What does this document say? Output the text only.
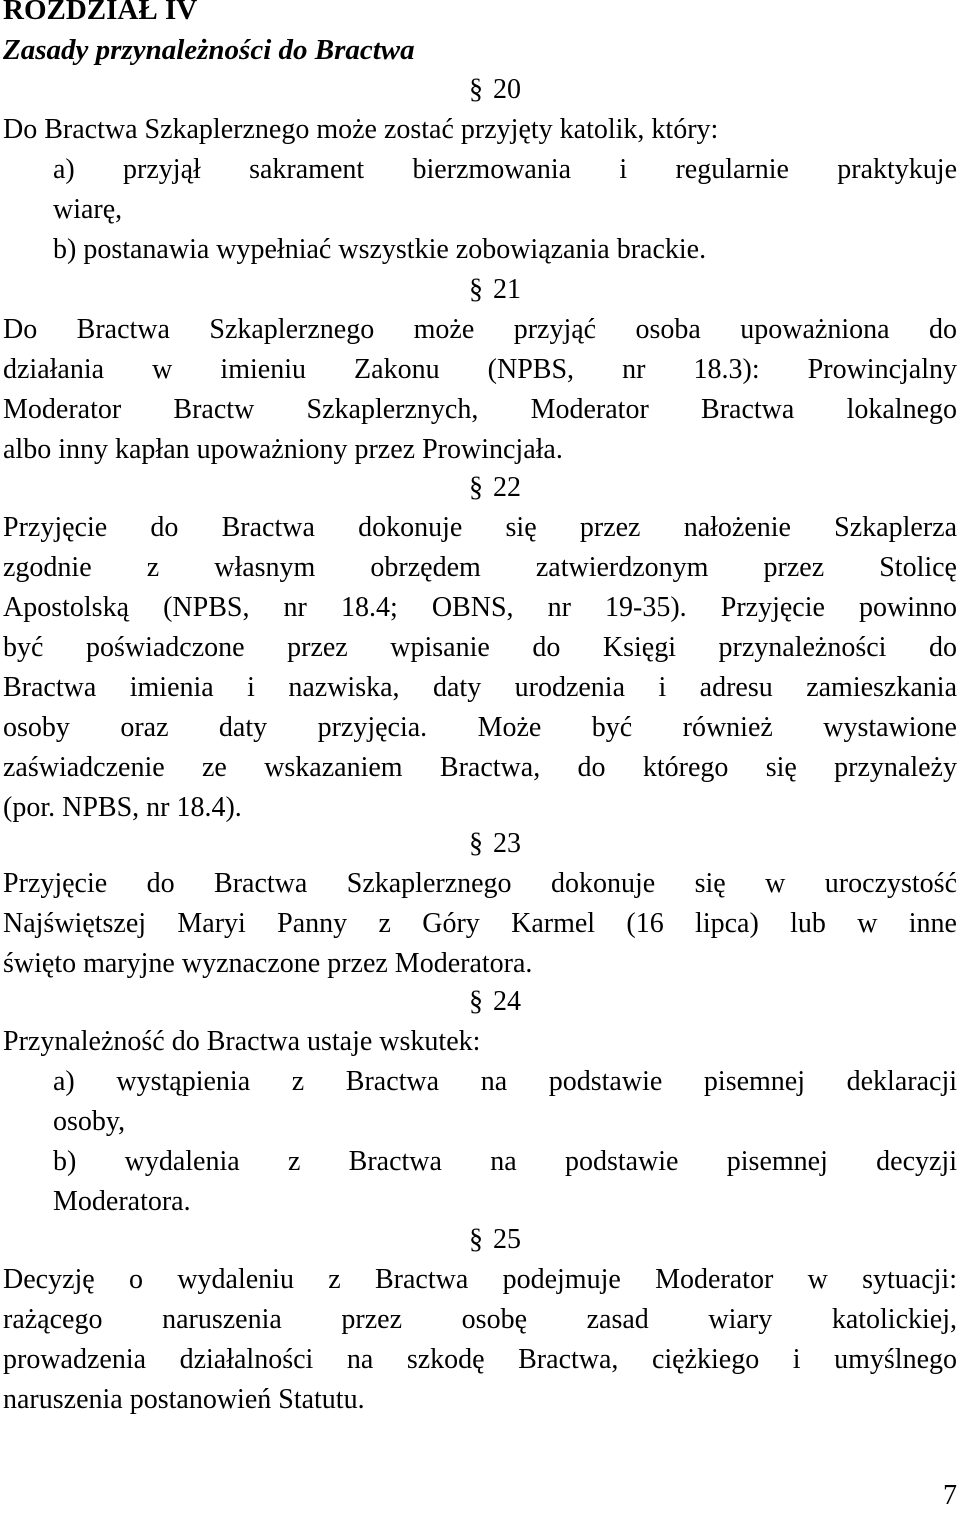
ROZDZIAŁ IV
Zasady przynależności do Bractwa
§ 20
Do Bractwa Szkaplerznego może zostać przyjęty katolik, który:
a) przyjął sakrament bierzmowania i regularnie praktykuje
wiarę,
b) postanawia wypełniać wszystkie zobowiązania brackie.
§ 21
Do Bractwa Szkaplerznego może przyjąć osoba upoważniona do
działania w imieniu Zakonu (NPBS, nr 18.3): Prowincjalny
Moderator Bractw Szkaplerznych, Moderator Bractwa lokalnego
albo inny kapłan upoważniony przez Prowincjała.
§ 22
Przyjęcie do Bractwa dokonuje się przez nałożenie Szkaplerza
zgodnie z własnym obrzędem zatwierdzonym przez Stolicę
Apostolską (NPBS, nr 18.4; OBNS, nr 19-35). Przyjęcie powinno
być poświadczone przez wpisanie do Księgi przynależności do
Bractwa imienia i nazwiska, daty urodzenia i adresu zamieszkania
osoby oraz daty przyjęcia. Może być również wystawione
zaświadczenie ze wskazaniem Bractwa, do którego się przynależy
(por. NPBS, nr 18.4).
§ 23
Przyjęcie do Bractwa Szkaplerznego dokonuje się w uroczystość
Najświętszej Maryi Panny z Góry Karmel (16 lipca) lub w inne
święto maryjne wyznaczone przez Moderatora.
§ 24
Przynależność do Bractwa ustaje wskutek:
a) wystąpienia z Bractwa na podstawie pisemnej deklaracji
osoby,
b) wydalenia z Bractwa na podstawie pisemnej decyzji
Moderatora.
§ 25
Decyzję o wydaleniu z Bractwa podejmuje Moderator w sytuacji:
rażącego naruszenia przez osobę zasad wiary katolickiej,
prowadzenia działalności na szkodę Bractwa, ciężkiego i umyślnego
naruszenia postanowień Statutu.
7
